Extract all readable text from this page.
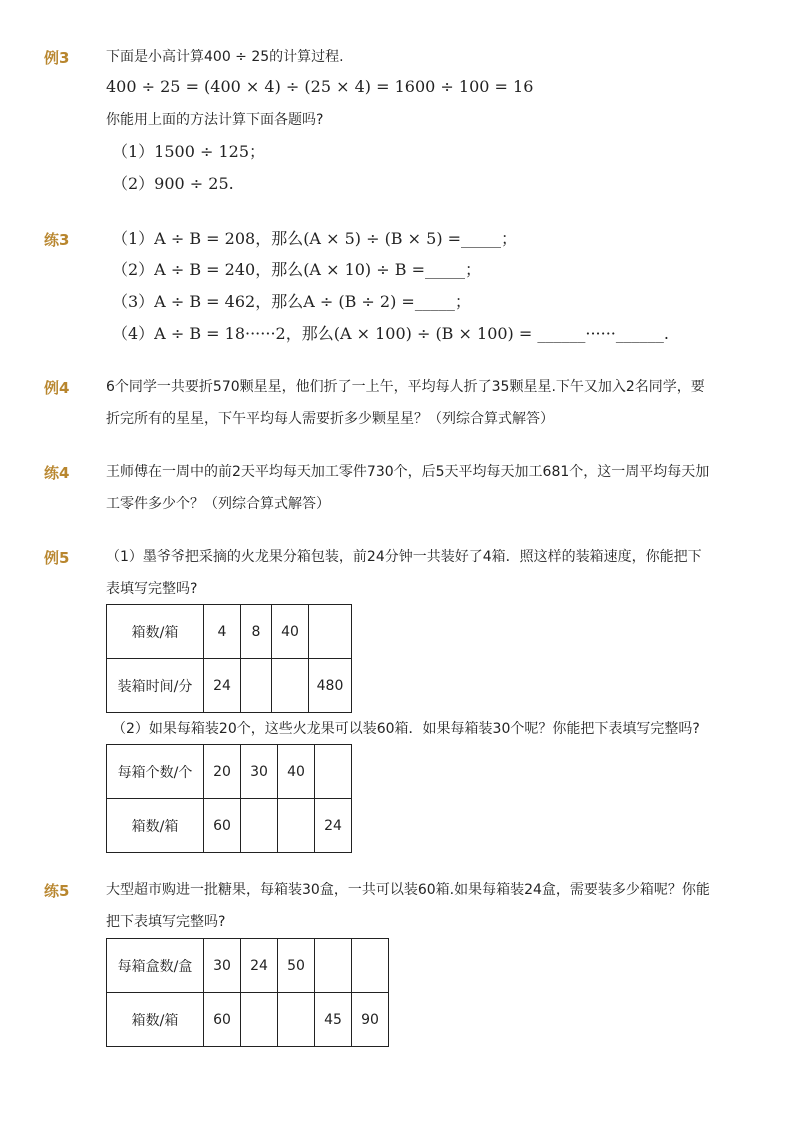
例3	下面是小高计算400 ÷ 25的计算过程.
400 ÷ 25 = (400 × 4) ÷ (25 × 4) = 1600 ÷ 100 = 16
你能用上面的方法计算下面各题吗?
（1）1500 ÷ 125；
（2）900 ÷ 25.
练3	（1）A ÷ B = 208，那么(A × 5) ÷ (B × 5) =_____；
（2）A ÷ B = 240，那么(A × 10) ÷ B =_____；
（3）A ÷ B = 462，那么A ÷ (B ÷ 2) =_____；
（4）A ÷ B = 18······2，那么(A × 100) ÷ (B × 100) = ______······______.
例4	6个同学一共要折570颗星星，他们折了一上午，平均每人折了35颗星星.下午又加入2名同学，要
折完所有的星星，下午平均每人需要折多少颗星星？（列综合算式解答）
练4	王师傅在一周中的前2天平均每天加工零件730个，后5天平均每天加工681个，这一周平均每天加
工零件多少个？（列综合算式解答）
例5	（1）墨爷爷把采摘的火龙果分箱包装，前24分钟一共装好了4箱．照这样的装箱速度，你能把下
表填写完整吗?
箱数/箱	4	8	40	
装箱时间/分	24			480
（2）如果每箱装20个，这些火龙果可以装60箱．如果每箱装30个呢？你能把下表填写完整吗?
每箱个数/个	20	30	40	
箱数/箱	60			24
练5	大型超市购进一批糖果，每箱装30盒，一共可以装60箱.如果每箱装24盒，需要装多少箱呢？你能
把下表填写完整吗?
每箱盒数/盒	30	24	50		
箱数/箱	60			45	90
